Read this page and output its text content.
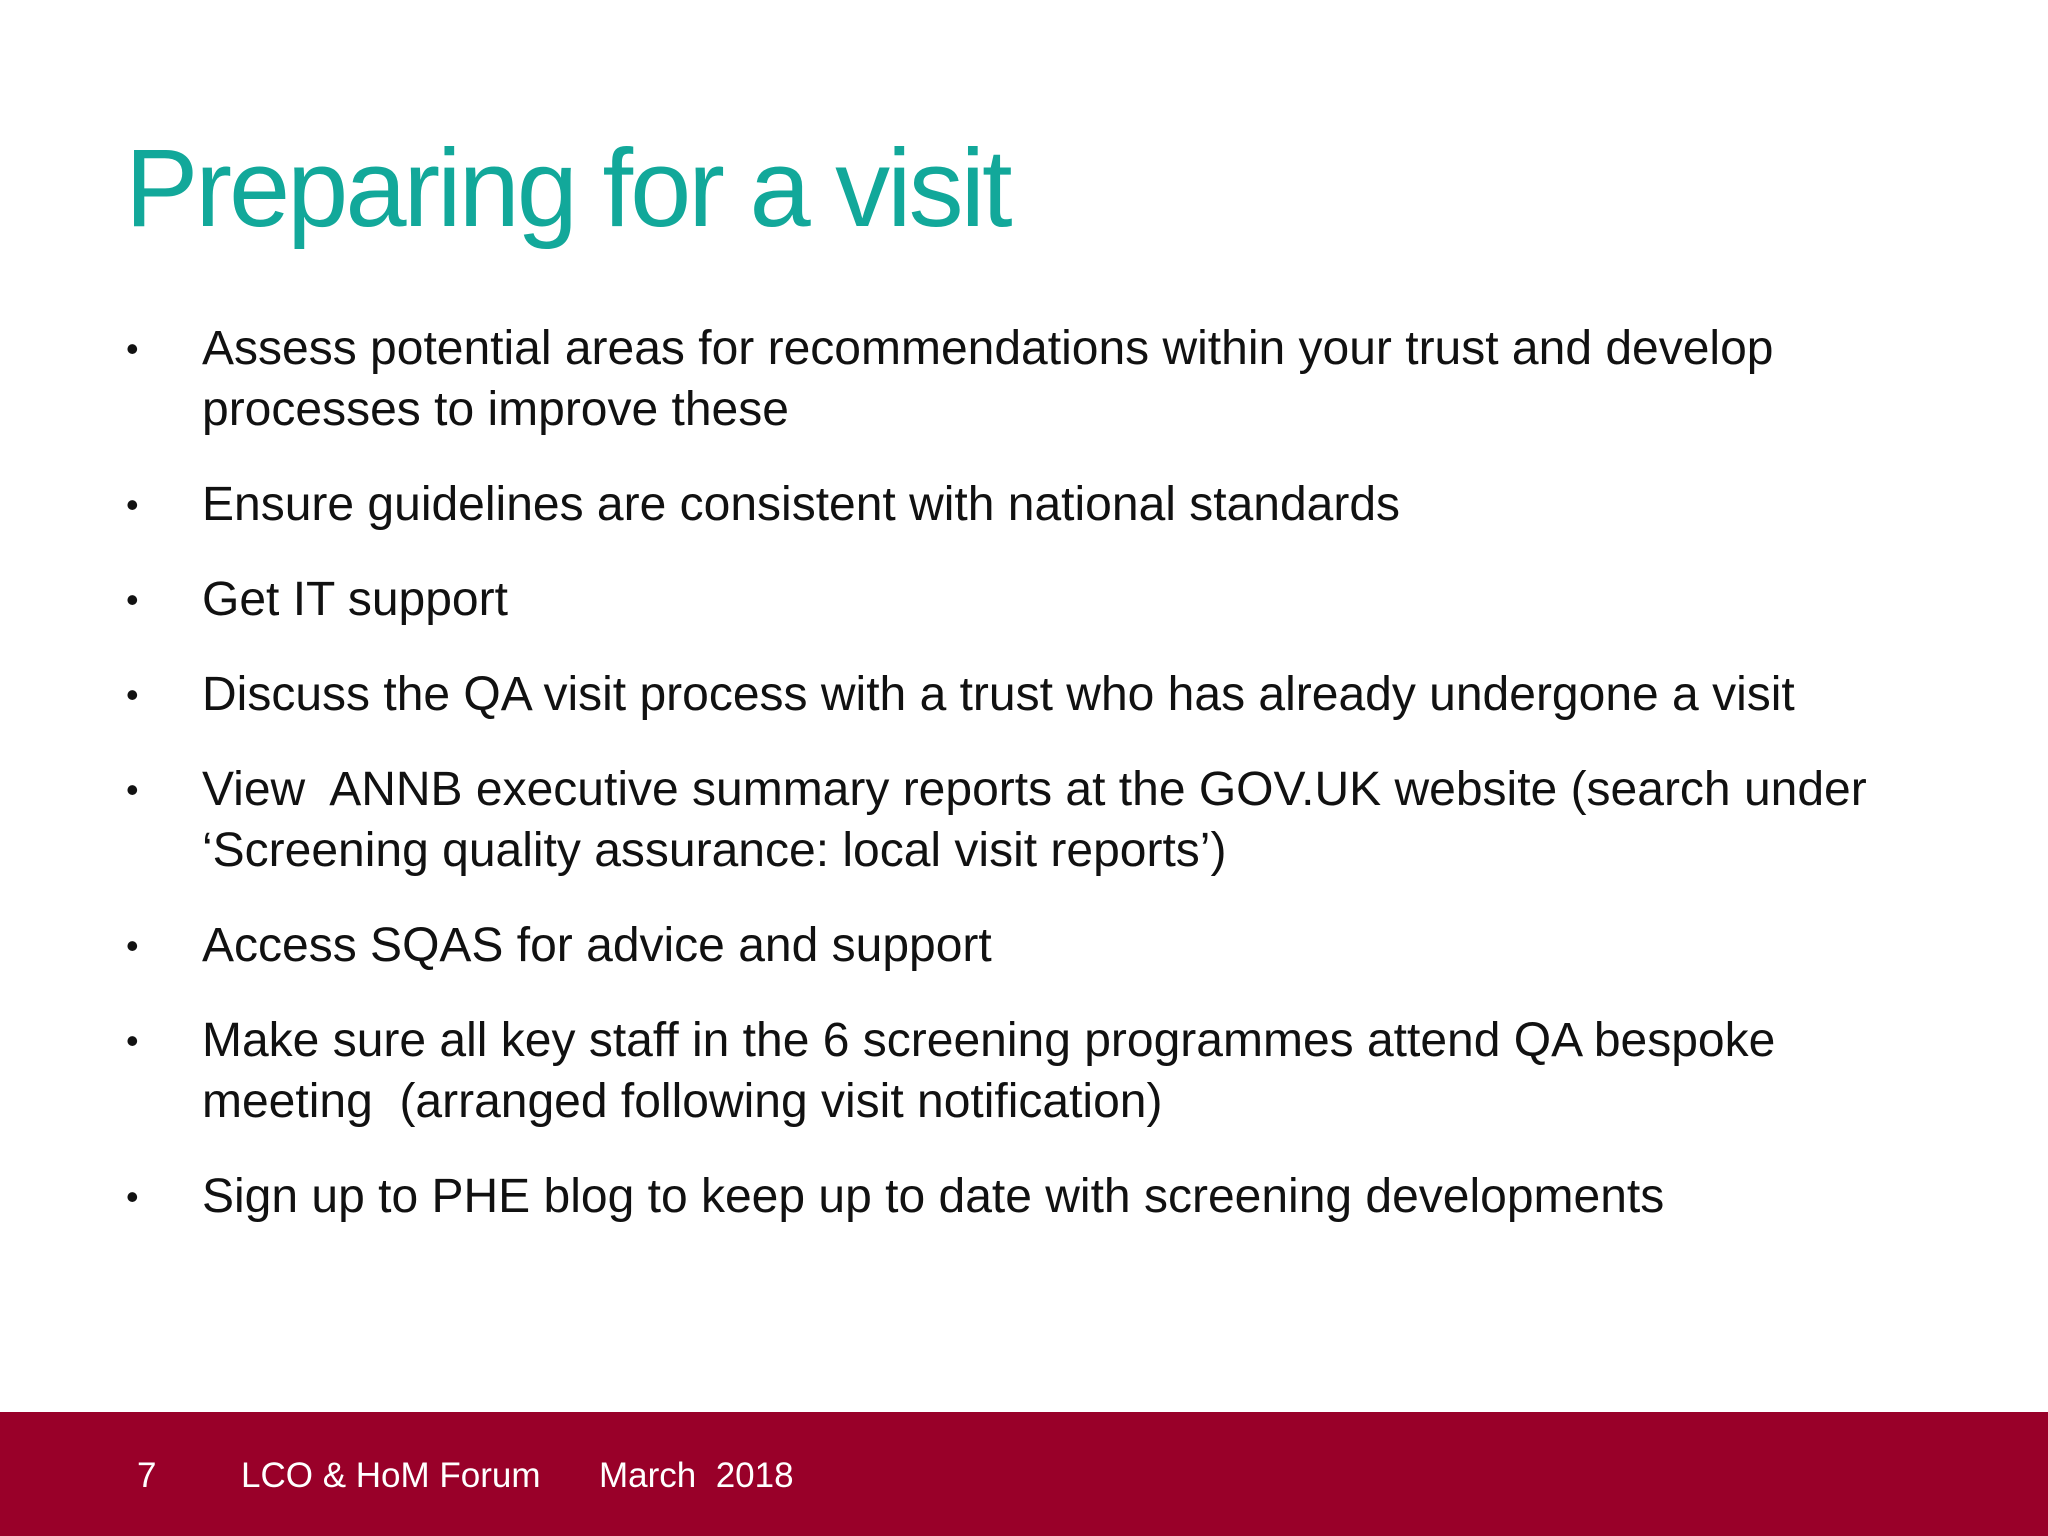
Preparing for a visit
• Assess potential areas for recommendations within your trust and develop processes to improve these
• Ensure guidelines are consistent with national standards
• Get IT support
• Discuss the QA visit process with a trust who has already undergone a visit
• View  ANNB executive summary reports at the GOV.UK website (search under ‘Screening quality assurance: local visit reports’)
• Access SQAS for advice and support
• Make sure all key staff in the 6 screening programmes attend QA bespoke meeting  (arranged following visit notification)
• Sign up to PHE blog to keep up to date with screening developments
7 LCO & HoM Forum March  2018
